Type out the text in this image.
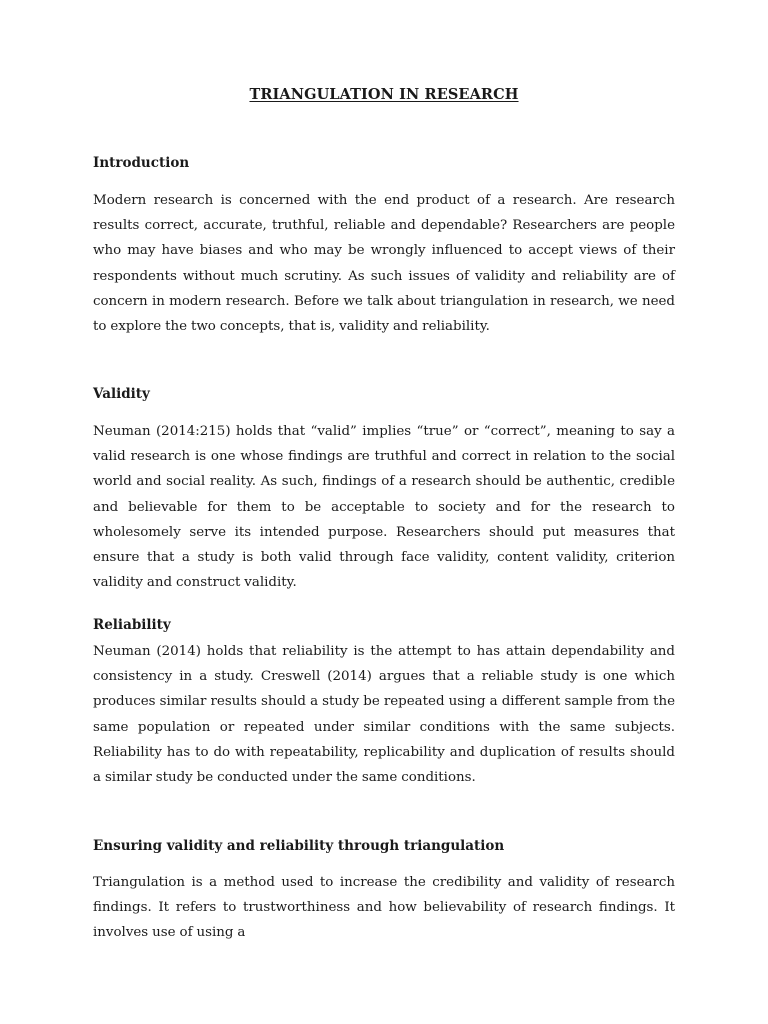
TRIANGULATION IN RESEARCH
Introduction
Modern research is concerned with the end product of a research. Are research results correct, accurate, truthful, reliable and dependable? Researchers are people who may have biases and who may be wrongly influenced to accept views of their respondents without much scrutiny. As such issues of validity and reliability are of concern in modern research. Before we talk about triangulation in research, we need to explore the two concepts, that is, validity and reliability.
Validity
Neuman (2014:215) holds that “valid” implies “true” or “correct”, meaning to say a valid research is one whose findings are truthful and correct in relation to the social world and social reality. As such, findings of a research should be authentic, credible and believable for them to be acceptable to society and for the research to wholesomely serve its intended purpose. Researchers should put measures that ensure that a study is both valid through face validity, content validity, criterion validity and construct validity.
Reliability
Neuman (2014) holds that reliability is the attempt to has attain dependability and consistency in a study. Creswell (2014) argues that a reliable study is one which produces similar results should a study be repeated using a different sample from the same population or repeated under similar conditions with the same subjects. Reliability has to do with repeatability, replicability and duplication of results should a similar study be conducted under the same conditions.
Ensuring validity and reliability through triangulation
Triangulation is a method used to increase the credibility and validity of research findings. It refers to trustworthiness and how believability of research findings. It involves use of using a
